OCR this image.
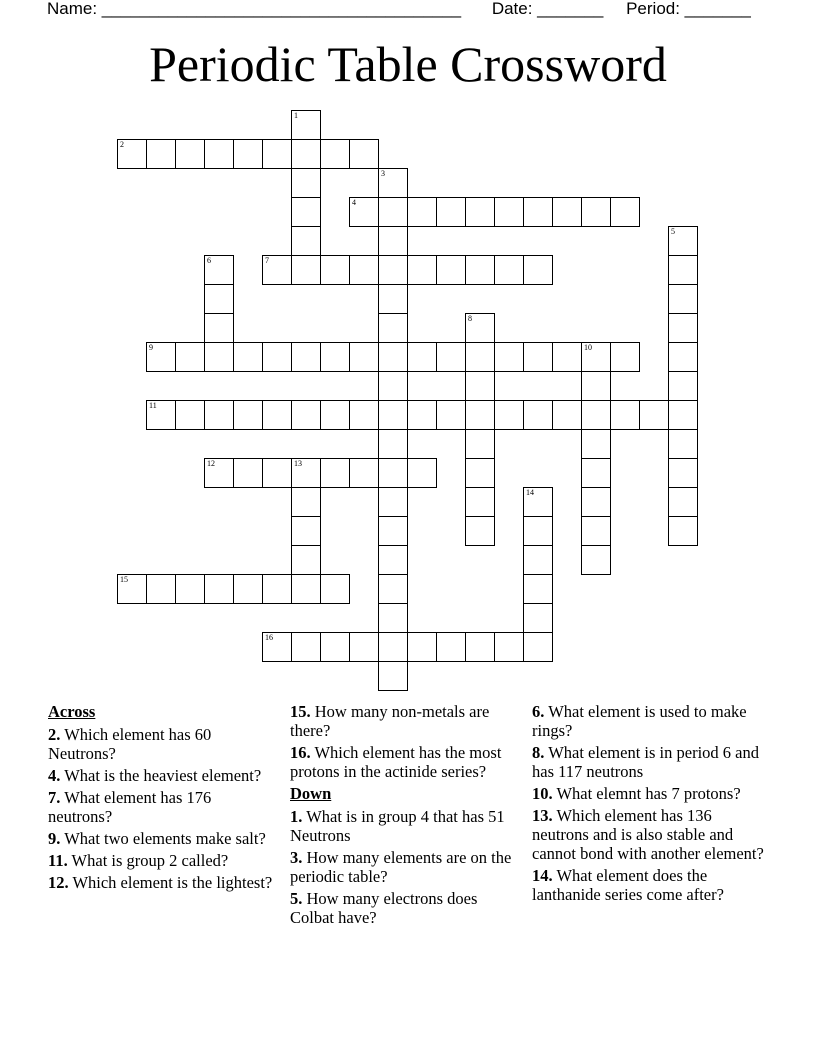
Name: ______________________________________ Date: _______ Period: _______
Periodic Table Crossword
1
2
3
4
5
6	7
8
9	10
11
12	13
14
15
16
Across
2. Which element has 60 Neutrons?
4. What is the heaviest element?
7. What element has 176 neutrons?
9. What two elements make salt?
11. What is group 2 called?
12. Which element is the lightest?
15. How many non-metals are there?
16. Which element has the most protons in the actinide series?
Down
1. What is in group 4 that has 51 Neutrons
3. How many elements are on the periodic table?
5. How many electrons does Colbat have?
6. What element is used to make rings?
8. What element is in period 6 and has 117 neutrons
10. What elemnt has 7 protons?
13. Which element has 136 neutrons and is also stable and cannot bond with another element?
14. What element does the lanthanide series come after?
